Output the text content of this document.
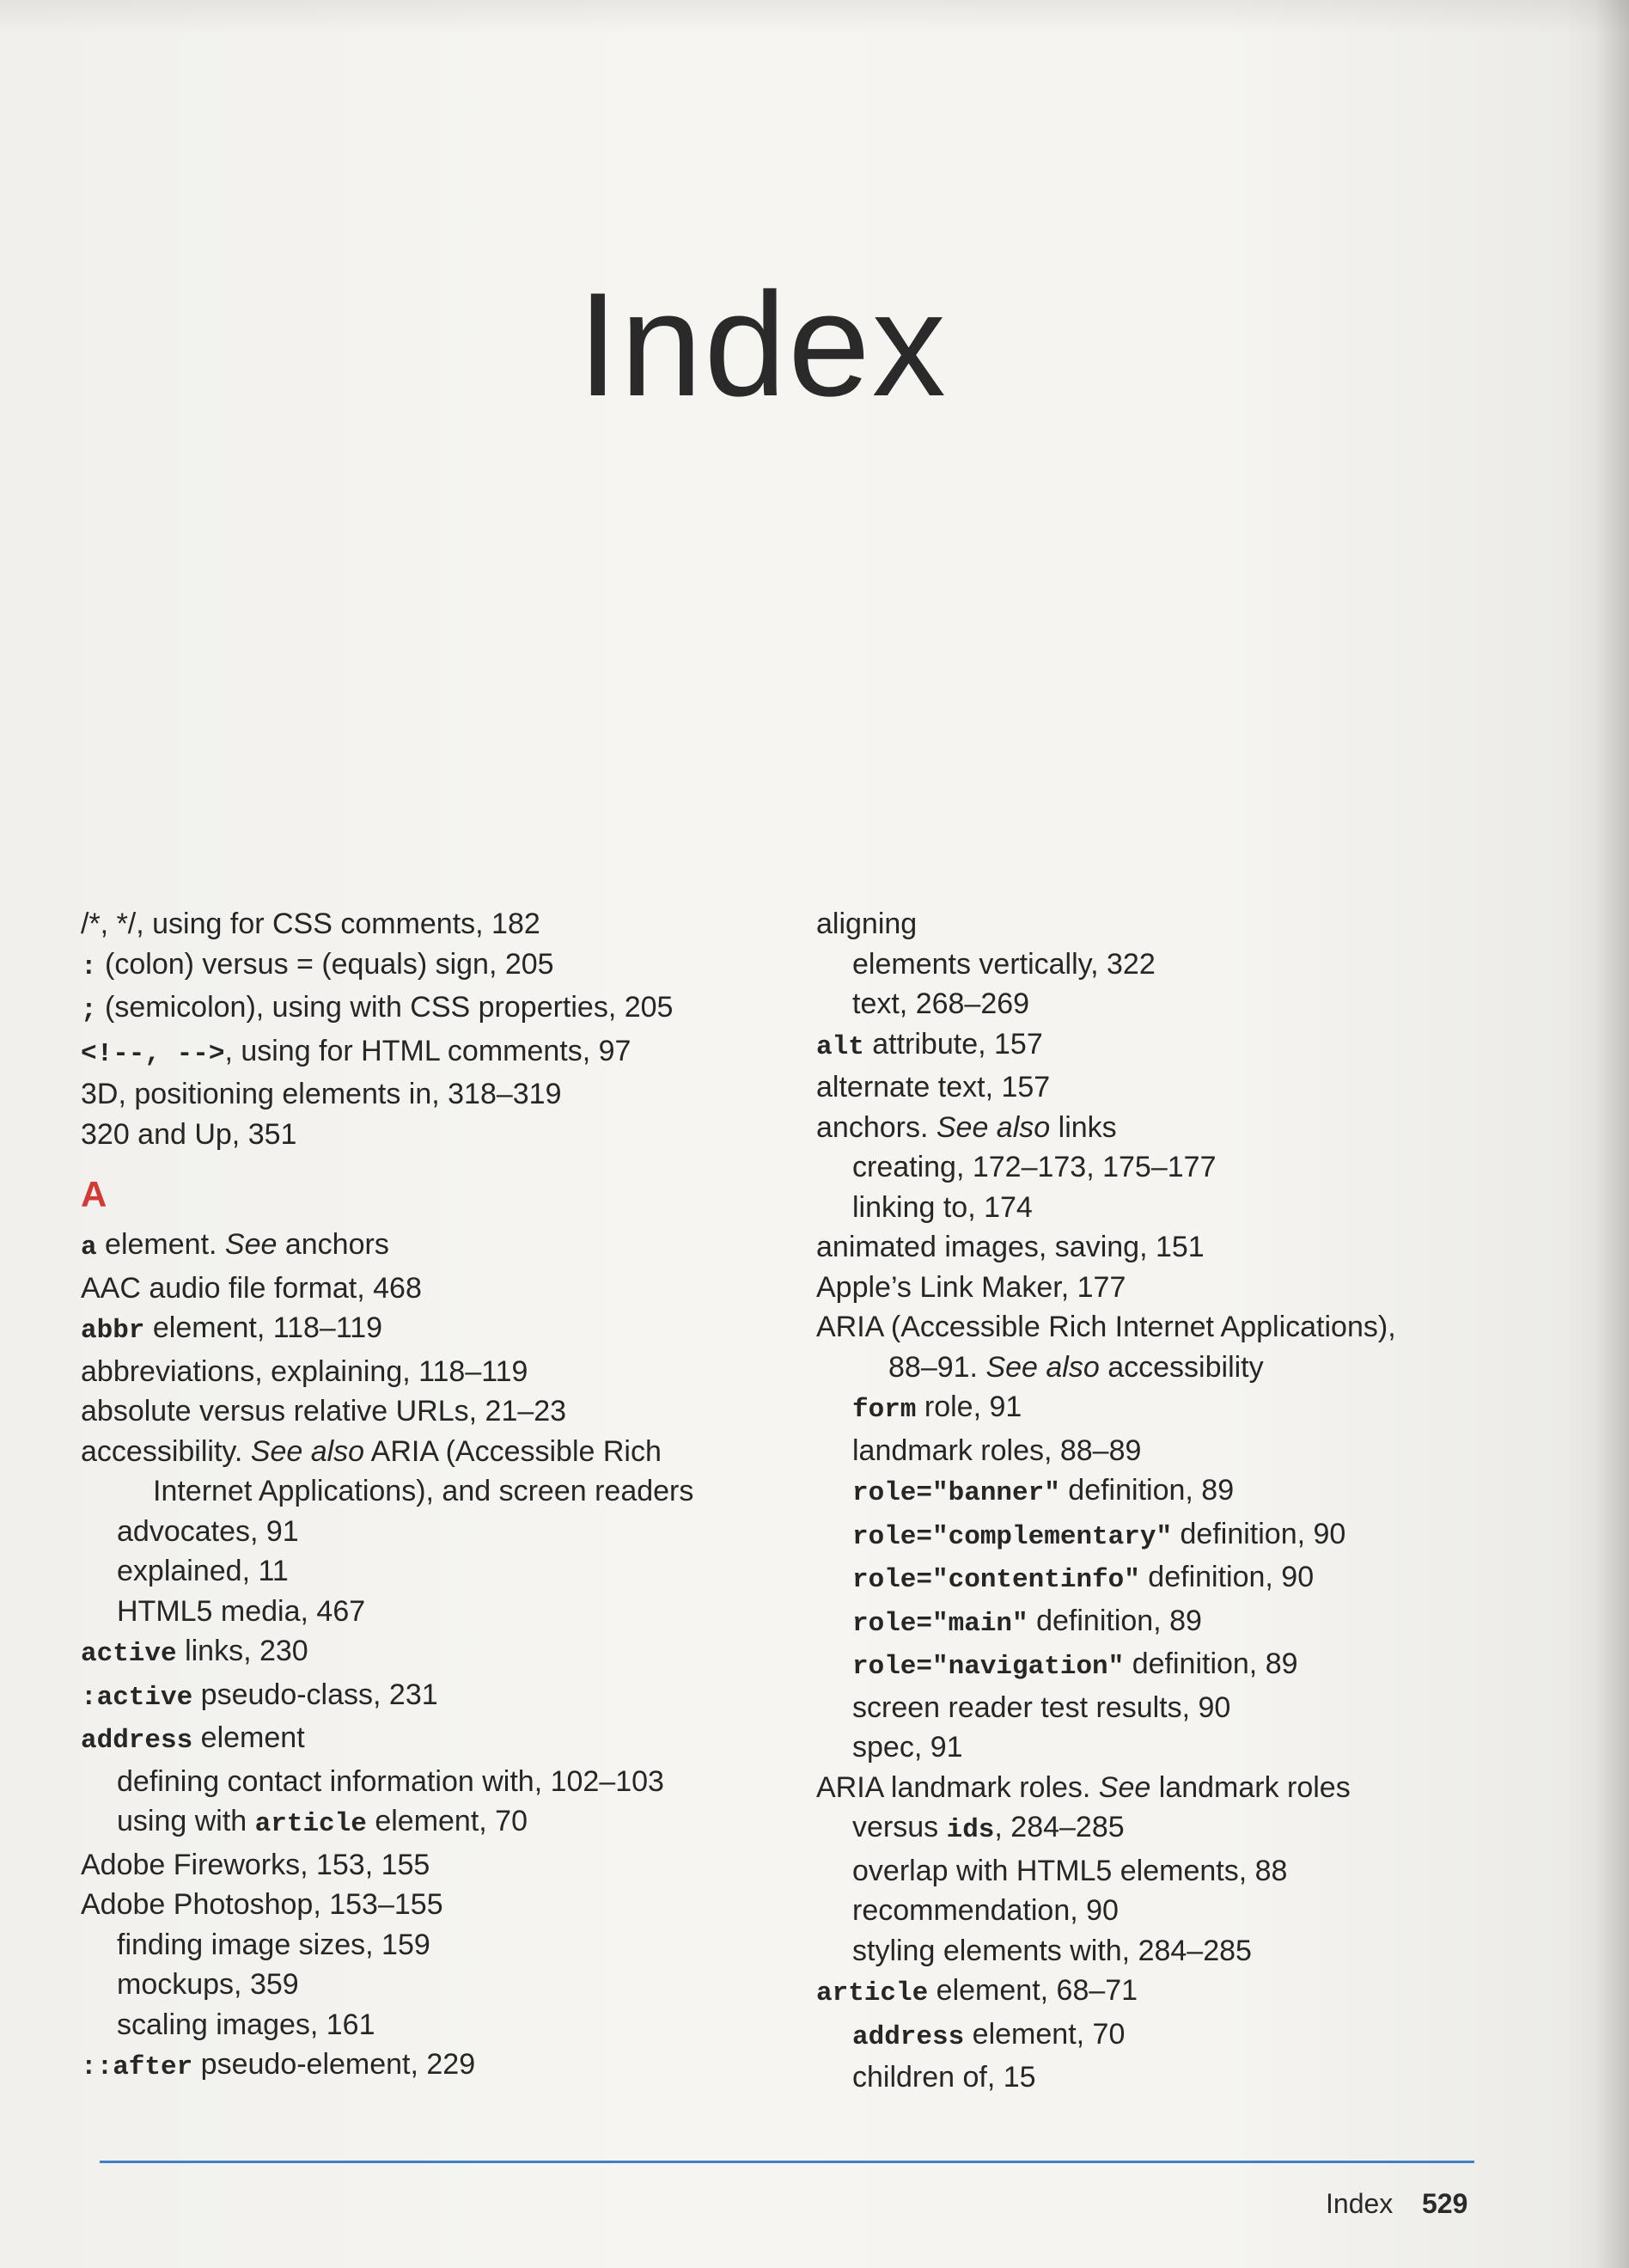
Index
/*, */, using for CSS comments, 182
: (colon) versus = (equals) sign, 205
; (semicolon), using with CSS properties, 205
<!--, -->, using for HTML comments, 97
3D, positioning elements in, 318–319
320 and Up, 351
A
a element. See anchors
AAC audio file format, 468
abbr element, 118–119
abbreviations, explaining, 118–119
absolute versus relative URLs, 21–23
accessibility. See also ARIA (Accessible Rich
Internet Applications), and screen readers
advocates, 91
explained, 11
HTML5 media, 467
active links, 230
:active pseudo-class, 231
address element
defining contact information with, 102–103
using with article element, 70
Adobe Fireworks, 153, 155
Adobe Photoshop, 153–155
finding image sizes, 159
mockups, 359
scaling images, 161
::after pseudo-element, 229
aligning
elements vertically, 322
text, 268–269
alt attribute, 157
alternate text, 157
anchors. See also links
creating, 172–173, 175–177
linking to, 174
animated images, saving, 151
Apple’s Link Maker, 177
ARIA (Accessible Rich Internet Applications),
88–91. See also accessibility
form role, 91
landmark roles, 88–89
role="banner" definition, 89
role="complementary" definition, 90
role="contentinfo" definition, 90
role="main" definition, 89
role="navigation" definition, 89
screen reader test results, 90
spec, 91
ARIA landmark roles. See landmark roles
versus ids, 284–285
overlap with HTML5 elements, 88
recommendation, 90
styling elements with, 284–285
article element, 68–71
address element, 70
children of, 15
Index 529
